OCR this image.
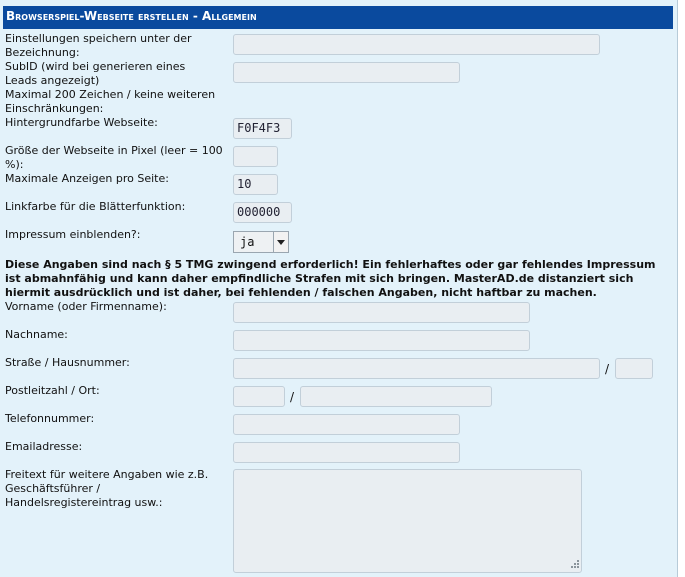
Browserspiel-Webseite erstellen - Allgemein
Einstellungen speichern unter der Bezeichnung:
SubID (wird bei generieren eines Leads angezeigt)
Maximal 200 Zeichen / keine weiteren Einschränkungen:
Hintergrundfarbe Webseite:	F0F4F3
Größe der Webseite in Pixel (leer = 100 %):
Maximale Anzeigen pro Seite:	10
Linkfarbe für die Blätterfunktion:	000000
Impressum einblenden?:
ja
Diese Angaben sind nach § 5 TMG zwingend erforderlich! Ein fehlerhaftes oder gar fehlendes Impressum ist abmahnfähig und kann daher empfindliche Strafen mit sich bringen. MasterAD.de distanziert sich hiermit ausdrücklich und ist daher, bei fehlenden / falschen Angaben, nicht haftbar zu machen.
Vorname (oder Firmenname):
Nachname:
Straße / Hausnummer:	/
Postleitzahl / Ort:	/
Telefonnummer:
Emailadresse:
Freitext für weitere Angaben wie z.B. Geschäftsführer / Handelsregistereintrag usw.:
